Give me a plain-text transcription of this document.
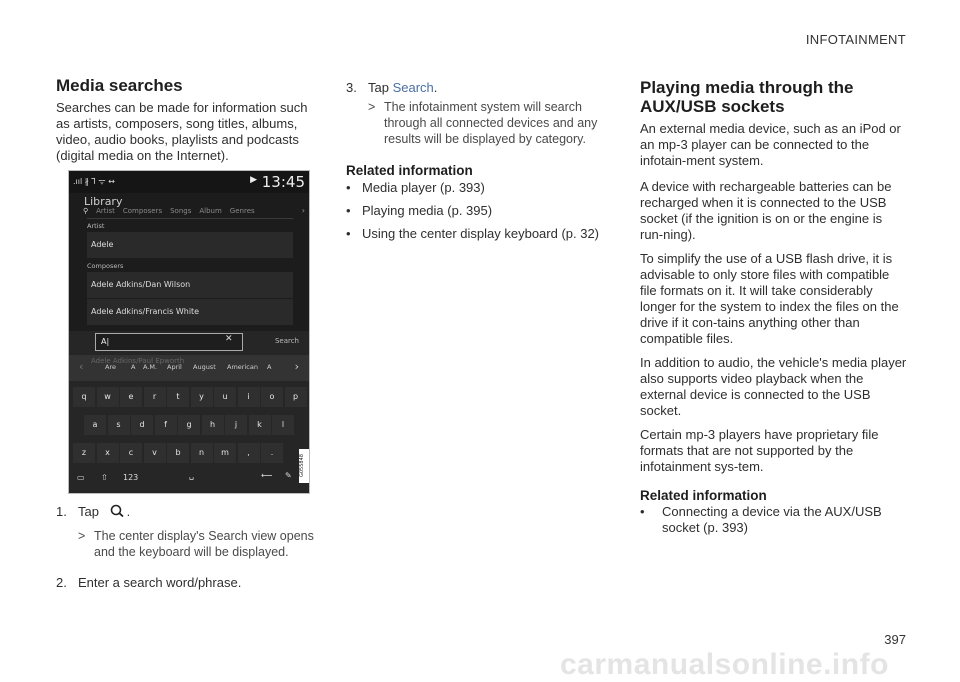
INFOTAINMENT
397
carmanualsonline.info
Media searches

Searches can be made for information such as artists, composers, song titles, albums, video, audio books, playlists and podcasts (digital media on the Internet).

.ııl ∦ ⅂ ᯤ ↔	▶ 13:45
Library
⚲ Artist Composers Songs Album Genres	›
Artist
Adele
Composers
Adele Adkins/Dan Wilson
Adele Adkins/Francis White
A|	✕	Search
Adele Adkins/Paul Epworth
‹	›
Are A A.M. April August American A
q	w	e	r	t	y	u	i	o	p
a	s	d	f	g	h	j	k	l
z	x	c	v	b	n	m	,	.
▭ ⇧ 123	␣	⟵ ✎ G055848
1. Tap .
> The center display's Search view opens and the keyboard will be displayed.
2. Enter a search word/phrase.
3. Tap Search.
> The infotainment system will search through all connected devices and any results will be displayed by category.
Related information
• Media player (p. 393)
• Playing media (p. 395)
• Using the center display keyboard (p. 32)
Playing media through the AUX/USB sockets

An external media device, such as an iPod or an mp-3 player can be connected to the infotain-ment system.

A device with rechargeable batteries can be recharged when it is connected to the USB socket (if the ignition is on or the engine is run-ning).

To simplify the use of a USB flash drive, it is advisable to only store files with compatible file formats on it. It will take considerably longer for the system to index the files on the drive if it con-tains anything other than compatible files.

In addition to audio, the vehicle's media player also supports video playback when the external device is connected to the USB socket.

Certain mp-3 players have proprietary file formats that are not supported by the infotainment sys-tem.

Related information
•	Connecting a device via the AUX/USB socket (p. 393)
